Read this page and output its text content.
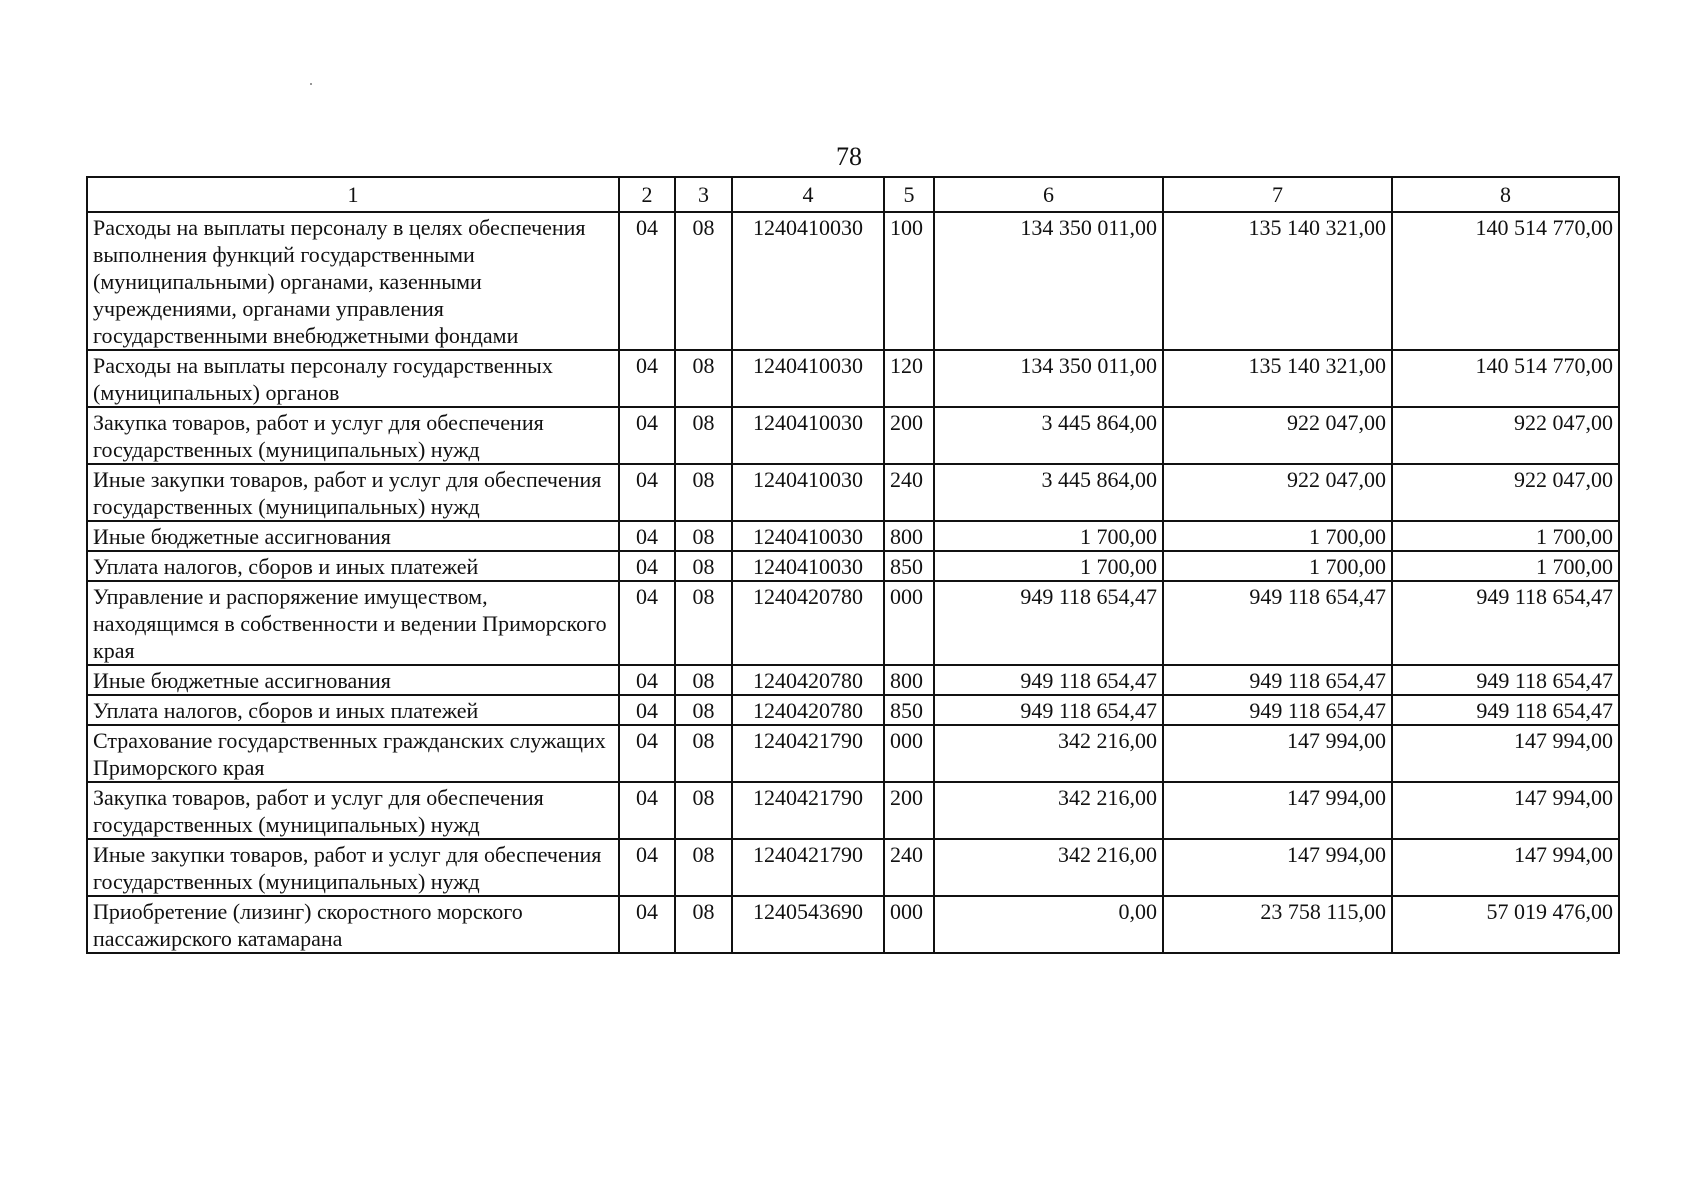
78
1	2	3	4	5	6	7	8
Расходы на выплаты персоналу в целях обеспечения выполнения функций государственными (муниципальными) органами, казенными учреждениями, органами управления государственными внебюджетными фондами	04	08	1240410030	100	134 350 011,00	135 140 321,00	140 514 770,00
Расходы на выплаты персоналу государственных (муниципальных) органов	04	08	1240410030	120	134 350 011,00	135 140 321,00	140 514 770,00
Закупка товаров, работ и услуг для обеспечения государственных (муниципальных) нужд	04	08	1240410030	200	3 445 864,00	922 047,00	922 047,00
Иные закупки товаров, работ и услуг для обеспечения государственных (муниципальных) нужд	04	08	1240410030	240	3 445 864,00	922 047,00	922 047,00
Иные бюджетные ассигнования	04	08	1240410030	800	1 700,00	1 700,00	1 700,00
Уплата налогов, сборов и иных платежей	04	08	1240410030	850	1 700,00	1 700,00	1 700,00
Управление и распоряжение имуществом, находящимся в собственности и ведении Приморского края	04	08	1240420780	000	949 118 654,47	949 118 654,47	949 118 654,47
Иные бюджетные ассигнования	04	08	1240420780	800	949 118 654,47	949 118 654,47	949 118 654,47
Уплата налогов, сборов и иных платежей	04	08	1240420780	850	949 118 654,47	949 118 654,47	949 118 654,47
Страхование государственных гражданских служащих Приморского края	04	08	1240421790	000	342 216,00	147 994,00	147 994,00
Закупка товаров, работ и услуг для обеспечения государственных (муниципальных) нужд	04	08	1240421790	200	342 216,00	147 994,00	147 994,00
Иные закупки товаров, работ и услуг для обеспечения государственных (муниципальных) нужд	04	08	1240421790	240	342 216,00	147 994,00	147 994,00
Приобретение (лизинг) скоростного морского пассажирского катамарана	04	08	1240543690	000	0,00	23 758 115,00	57 019 476,00
